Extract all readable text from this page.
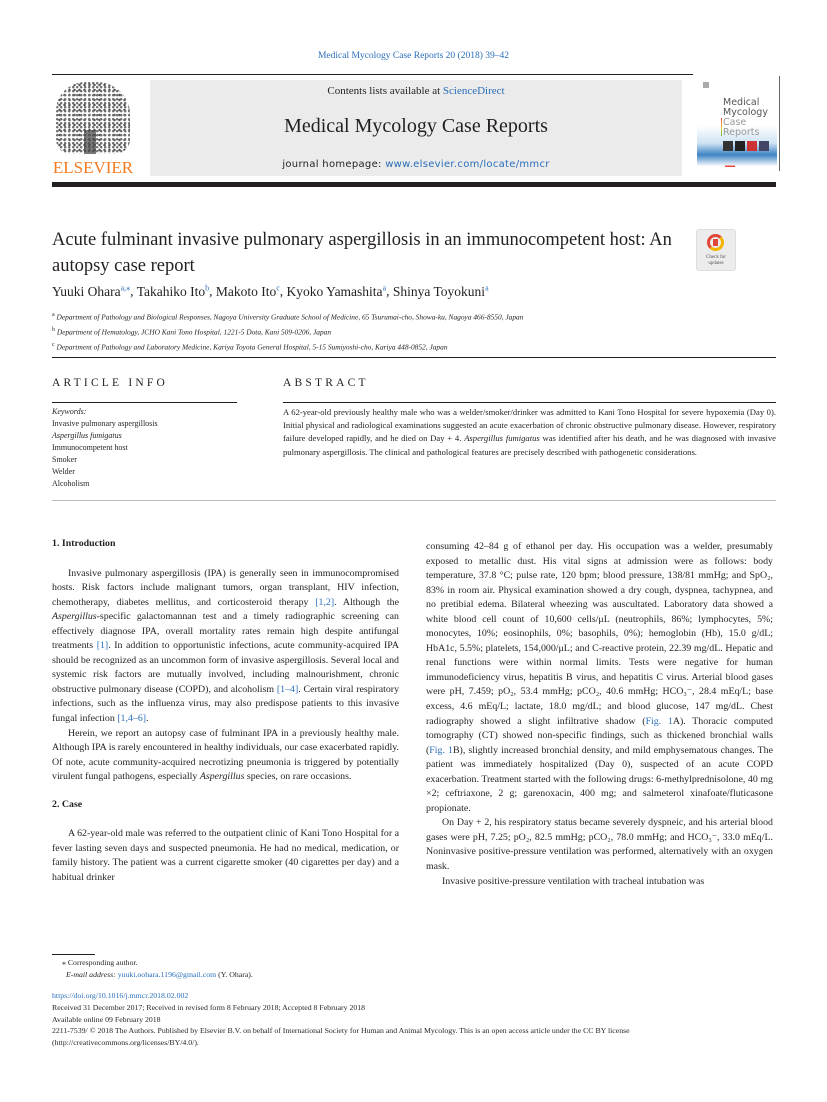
Medical Mycology Case Reports 20 (2018) 39–42
ELSEVIER
Contents lists available at ScienceDirect
Medical Mycology Case Reports
journal homepage: www.elsevier.com/locate/mmcr
Medical
Mycology
Case
Reports
▬▬
Acute fulminant invasive pulmonary aspergillosis in an immunocompetent host: An autopsy case report	Check for
updates
Yuuki Ohara$^{a,⁎}$, Takahiko Ito$^b$, Makoto Ito$^c$, Kyoko Yamashita$^a$, Shinya Toyokuni$^a$
$^a$ Department of Pathology and Biological Responses, Nagoya University Graduate School of Medicine, 65 Tsurumai-cho, Showa-ku, Nagoya 466-8550, Japan
$^b$ Department of Hematology, JCHO Kani Tono Hospital, 1221-5 Dota, Kani 509-0206, Japan
$^c$ Department of Pathology and Laboratory Medicine, Kariya Toyota General Hospital, 5-15 Sumiyoshi-cho, Kariya 448-0852, Japan
ARTICLE INFO	ABSTRACT
Keywords:
Invasive pulmonary aspergillosis
Aspergillus fumigatus
Immunocompetent host
Smoker
Welder
Alcoholism
A 62-year-old previously healthy male who was a welder/smoker/drinker was admitted to Kani Tono Hospital for severe hypoxemia (Day 0). Initial physical and radiological examinations suggested an acute exacerbation of chronic obstructive pulmonary disease. However, respiratory failure developed rapidly, and he died on Day + 4. Aspergillus fumigatus was identified after his death, and he was diagnosed with invasive pulmonary aspergillosis. The clinical and pathological features are precisely described with pathogenetic considerations.
1. Introduction

Invasive pulmonary aspergillosis (IPA) is generally seen in immunocompromised hosts. Risk factors include malignant tumors, organ transplant, HIV infection, chemotherapy, diabetes mellitus, and corticosteroid therapy [1,2]. Although the Aspergillus-specific galactomannan test and a timely radiographic screening can effectively diagnose IPA, overall mortality rates remain high despite antifungal treatments [1]. In addition to opportunistic infections, acute community-acquired IPA should be recognized as an uncommon form of invasive aspergillosis. Several local and systemic risk factors are mutually involved, including malnourishment, chronic obstructive pulmonary disease (COPD), and alcoholism [1–4]. Certain viral respiratory infections, such as the influenza virus, may also predispose patients to this invasive fungal infection [1,4–6].

Herein, we report an autopsy case of fulminant IPA in a previously healthy male. Although IPA is rarely encountered in healthy individuals, our case exacerbated rapidly. Of note, acute community-acquired necrotizing pneumonia is triggered by potentially virulent fungal pathogens, especially Aspergillus species, on rare occasions.

2. Case

A 62-year-old male was referred to the outpatient clinic of Kani Tono Hospital for a fever lasting seven days and suspected pneumonia. He had no medical, medication, or family history. The patient was a current cigarette smoker (40 cigarettes per day) and a habitual drinker

consuming 42–84 g of ethanol per day. His occupation was a welder, presumably exposed to metallic dust. His vital signs at admission were as follows: body temperature, 37.8 °C; pulse rate, 120 bpm; blood pressure, 138/81 mmHg; and SpO₂, 83% in room air. Physical examination showed a dry cough, dyspnea, tachypnea, and no pretibial edema. Bilateral wheezing was auscultated. Laboratory data showed a white blood cell count of 10,600 cells/μL (neutrophils, 86%; lymphocytes, 5%; monocytes, 10%; eosinophils, 0%; basophils, 0%); hemoglobin (Hb), 15.0 g/dL; HbA1c, 5.5%; platelets, 154,000/μL; and C-reactive protein, 22.39 mg/dL. Hepatic and renal functions were within normal limits. Tests were negative for human immunodeficiency virus, hepatitis B virus, and hepatitis C virus. Arterial blood gases were pH, 7.459; pO₂, 53.4 mmHg; pCO₂, 40.6 mmHg; HCO₃⁻, 28.4 mEq/L; base excess, 4.6 mEq/L; lactate, 18.0 mg/dL; and blood glucose, 147 mg/dL. Chest radiography showed a slight infiltrative shadow (Fig. 1A). Thoracic computed tomography (CT) showed non-specific findings, such as thickened bronchial walls (Fig. 1B), slightly increased bronchial density, and mild emphysematous changes. The patient was immediately hospitalized (Day 0), suspected of an acute COPD exacerbation. Treatment started with the following drugs: 6-methylprednisolone, 40 mg ×2; ceftriaxone, 2 g; garenoxacin, 400 mg; and salmeterol xinafoate/fluticasone propionate.

On Day + 2, his respiratory status became severely dyspneic, and his arterial blood gases were pH, 7.25; pO₂, 82.5 mmHg; pCO₂, 78.0 mmHg; and HCO₃⁻, 33.0 mEq/L. Noninvasive positive-pressure ventilation was performed, alternatively with an oxygen mask.

Invasive positive-pressure ventilation with tracheal intubation was

⁎ Corresponding author.
E-mail address: yuuki.oohara.1196@gmail.com (Y. Ohara).
https://doi.org/10.1016/j.mmcr.2018.02.002
Received 31 December 2017; Received in revised form 8 February 2018; Accepted 8 February 2018
Available online 09 February 2018
2211-7539/ © 2018 The Authors. Published by Elsevier B.V. on behalf of International Society for Human and Animal Mycology. This is an open access article under the CC BY license (http://creativecommons.org/licenses/BY/4.0/).
